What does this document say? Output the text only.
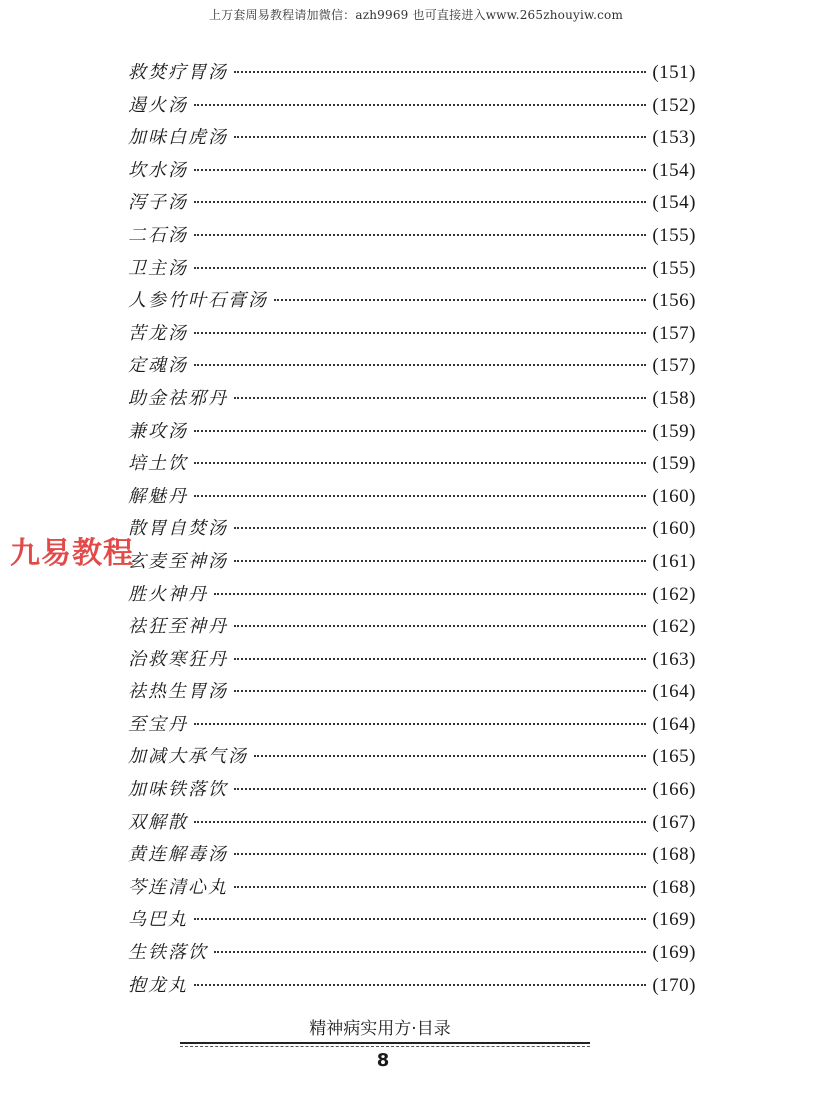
上万套周易教程请加微信：azh9969 也可直接进入www.265zhouyiw.com
救焚疗胃汤	(151)
遏火汤	(152)
加味白虎汤	(153)
坎水汤	(154)
泻子汤	(154)
二石汤	(155)
卫主汤	(155)
人参竹叶石膏汤	(156)
苦龙汤	(157)
定魂汤	(157)
助金祛邪丹	(158)
兼攻汤	(159)
培土饮	(159)
解魅丹	(160)
散胃自焚汤	(160)
玄麦至神汤	(161)
胜火神丹	(162)
祛狂至神丹	(162)
治救寒狂丹	(163)
祛热生胃汤	(164)
至宝丹	(164)
加减大承气汤	(165)
加味铁落饮	(166)
双解散	(167)
黄连解毒汤	(168)
芩连清心丸	(168)
乌巴丸	(169)
生铁落饮	(169)
抱龙丸	(170)
九易教程
精神病实用方·目录
8
